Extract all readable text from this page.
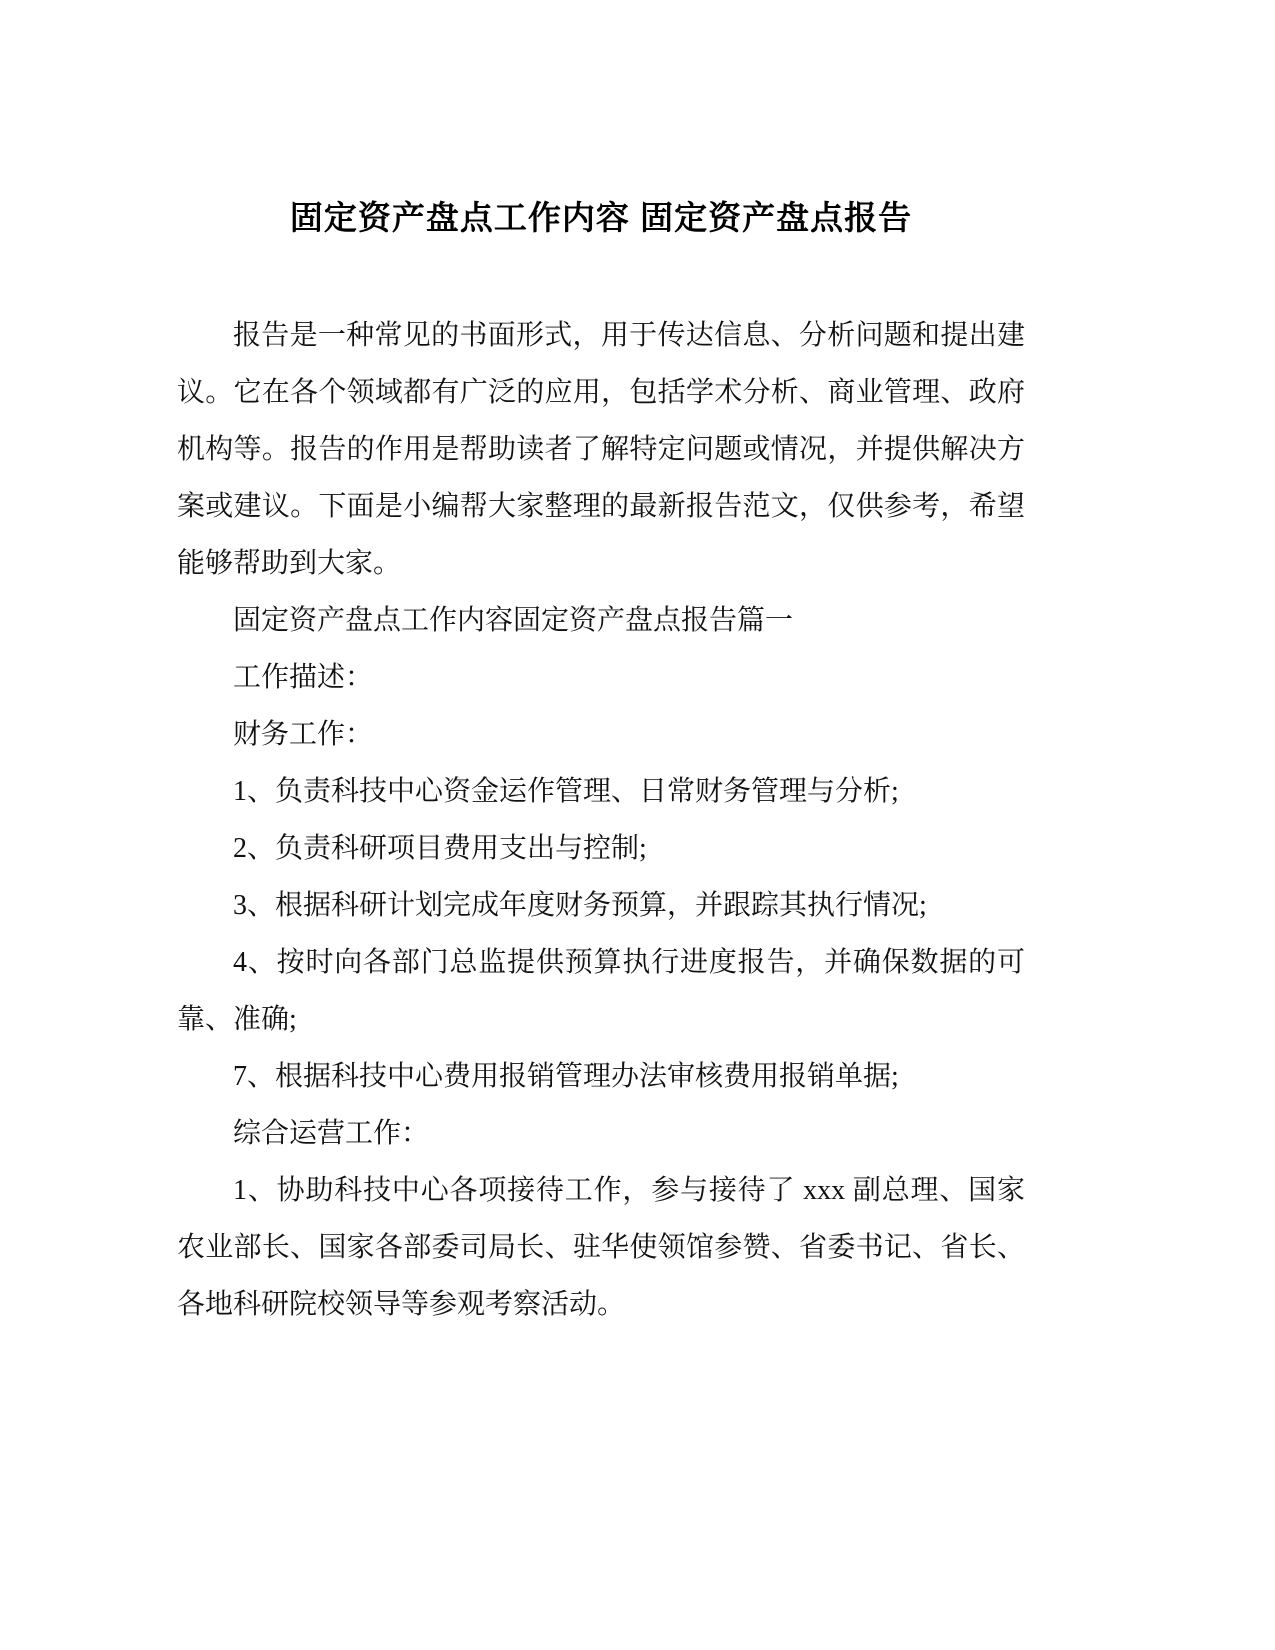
固定资产盘点工作内容 固定资产盘点报告

报告是一种常见的书面形式，用于传达信息、分析问题和提出建议。它在各个领域都有广泛的应用，包括学术分析、商业管理、政府机构等。报告的作用是帮助读者了解特定问题或情况，并提供解决方案或建议。下面是小编帮大家整理的最新报告范文，仅供参考，希望能够帮助到大家。

固定资产盘点工作内容固定资产盘点报告篇一

工作描述：

财务工作：

1、负责科技中心资金运作管理、日常财务管理与分析;

2、负责科研项目费用支出与控制;

3、根据科研计划完成年度财务预算，并跟踪其执行情况;

4、按时向各部门总监提供预算执行进度报告，并确保数据的可靠、准确;

7、根据科技中心费用报销管理办法审核费用报销单据;

综合运营工作：

1、协助科技中心各项接待工作，参与接待了 xxx 副总理、国家农业部长、国家各部委司局长、驻华使领馆参赞、省委书记、省长、各地科研院校领导等参观考察活动。
